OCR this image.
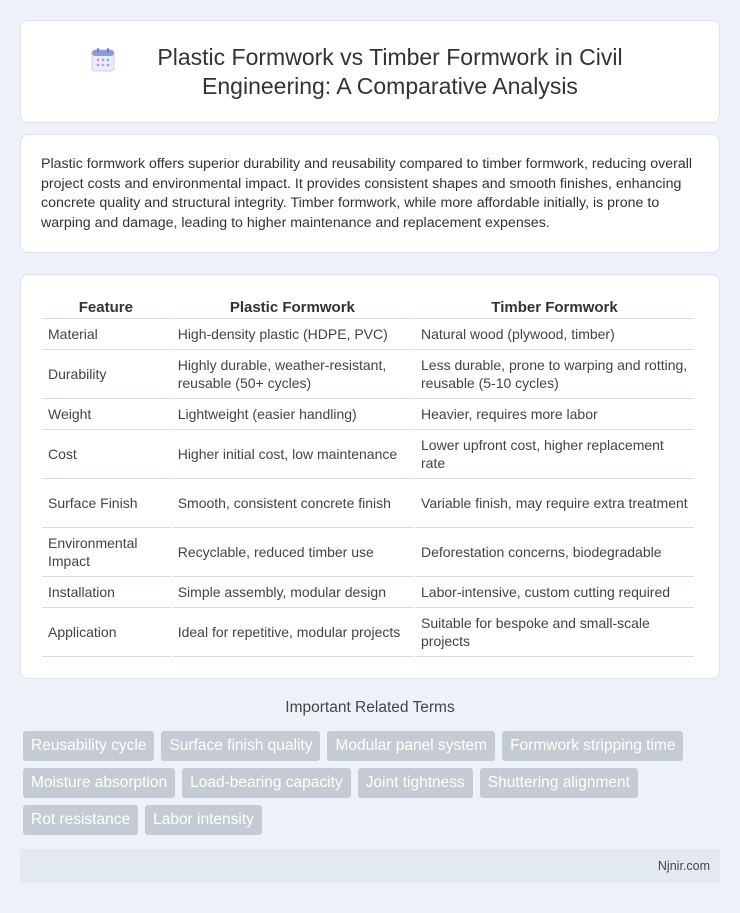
Plastic Formwork vs Timber Formwork in Civil Engineering: A Comparative Analysis

Plastic formwork offers superior durability and reusability compared to timber formwork, reducing overall project costs and environmental impact. It provides consistent shapes and smooth finishes, enhancing concrete quality and structural integrity. Timber formwork, while more affordable initially, is prone to warping and damage, leading to higher maintenance and replacement expenses.

Feature	Plastic Formwork	Timber Formwork
Material	High-density plastic (HDPE, PVC)	Natural wood (plywood, timber)
Durability	Highly durable, weather-resistant, reusable (50+ cycles)	Less durable, prone to warping and rotting, reusable (5-10 cycles)
Weight	Lightweight (easier handling)	Heavier, requires more labor
Cost	Higher initial cost, low maintenance	Lower upfront cost, higher replacement rate
Surface Finish	Smooth, consistent concrete finish	Variable finish, may require extra treatment
Environmental Impact	Recyclable, reduced timber use	Deforestation concerns, biodegradable
Installation	Simple assembly, modular design	Labor-intensive, custom cutting required
Application	Ideal for repetitive, modular projects	Suitable for bespoke and small-scale projects
Important Related Terms
Reusability cycle	Surface finish quality	Modular panel system	Formwork stripping time
Moisture absorption	Load-bearing capacity	Joint tightness	Shuttering alignment
Rot resistance	Labor intensity
Njnir.com
